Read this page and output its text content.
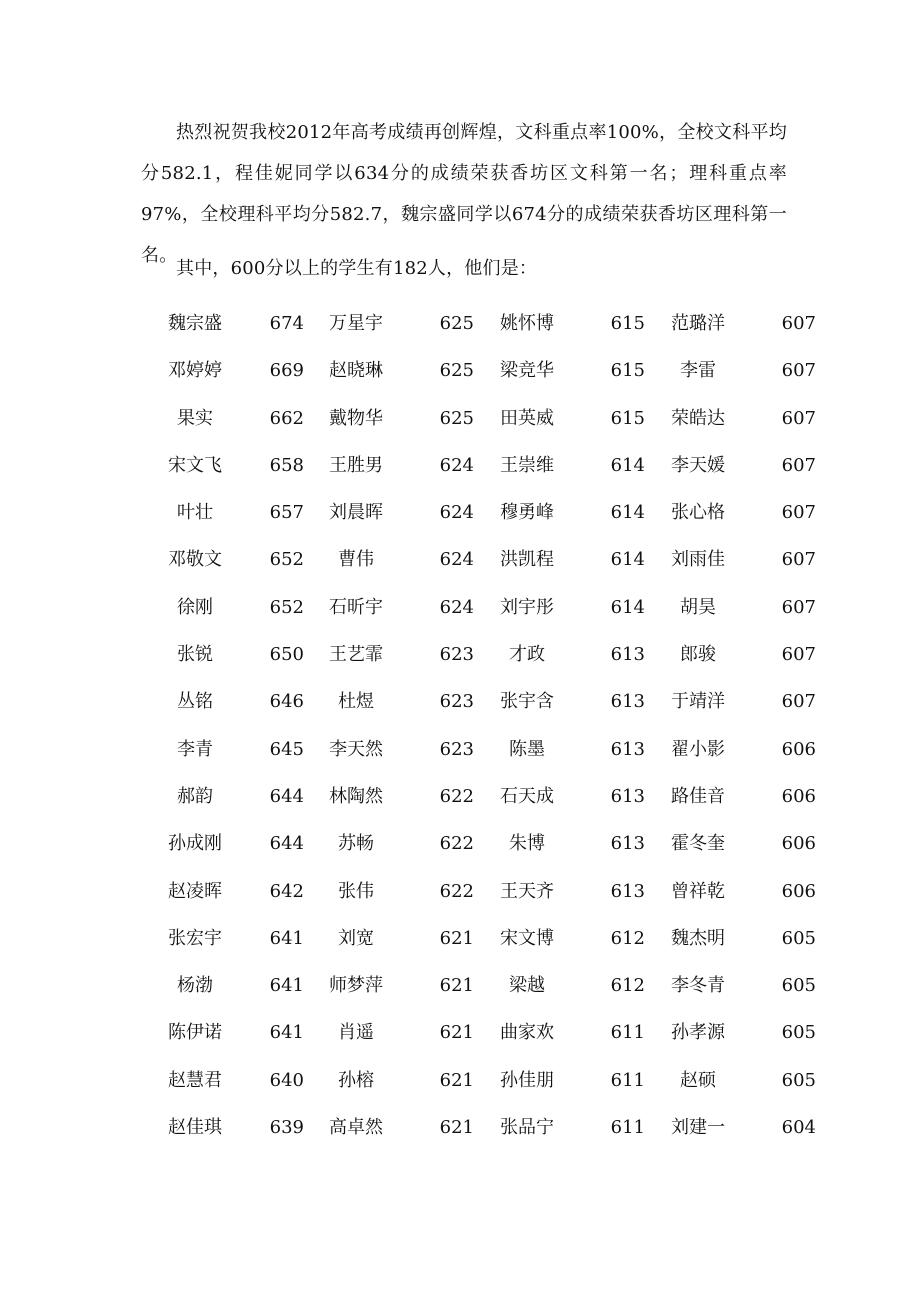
热烈祝贺我校2012年高考成绩再创辉煌，文科重点率100%，全校文科平均分582.1，程佳妮同学以634分的成绩荣获香坊区文科第一名；理科重点率97%，全校理科平均分582.7，魏宗盛同学以674分的成绩荣获香坊区理科第一名。

其中，600分以上的学生有182人，他们是：

魏宗盛	674	万星宇	625	姚怀博	615	范璐洋	607
邓婷婷	669	赵晓琳	625	梁竞华	615	李雷	607
果实	662	戴物华	625	田英威	615	荣皓达	607
宋文飞	658	王胜男	624	王崇维	614	李天媛	607
叶壮	657	刘晨晖	624	穆勇峰	614	张心格	607
邓敬文	652	曹伟	624	洪凯程	614	刘雨佳	607
徐刚	652	石昕宇	624	刘宇彤	614	胡昊	607
张锐	650	王艺霏	623	才政	613	郎骏	607
丛铭	646	杜煜	623	张宇含	613	于靖洋	607
李青	645	李天然	623	陈墨	613	翟小影	606
郝韵	644	林陶然	622	石天成	613	路佳音	606
孙成刚	644	苏畅	622	朱博	613	霍冬奎	606
赵凌晖	642	张伟	622	王天齐	613	曾祥乾	606
张宏宇	641	刘宽	621	宋文博	612	魏杰明	605
杨渤	641	师梦萍	621	梁越	612	李冬青	605
陈伊诺	641	肖遥	621	曲家欢	611	孙孝源	605
赵慧君	640	孙榕	621	孙佳朋	611	赵硕	605
赵佳琪	639	高卓然	621	张品宁	611	刘建一	604
